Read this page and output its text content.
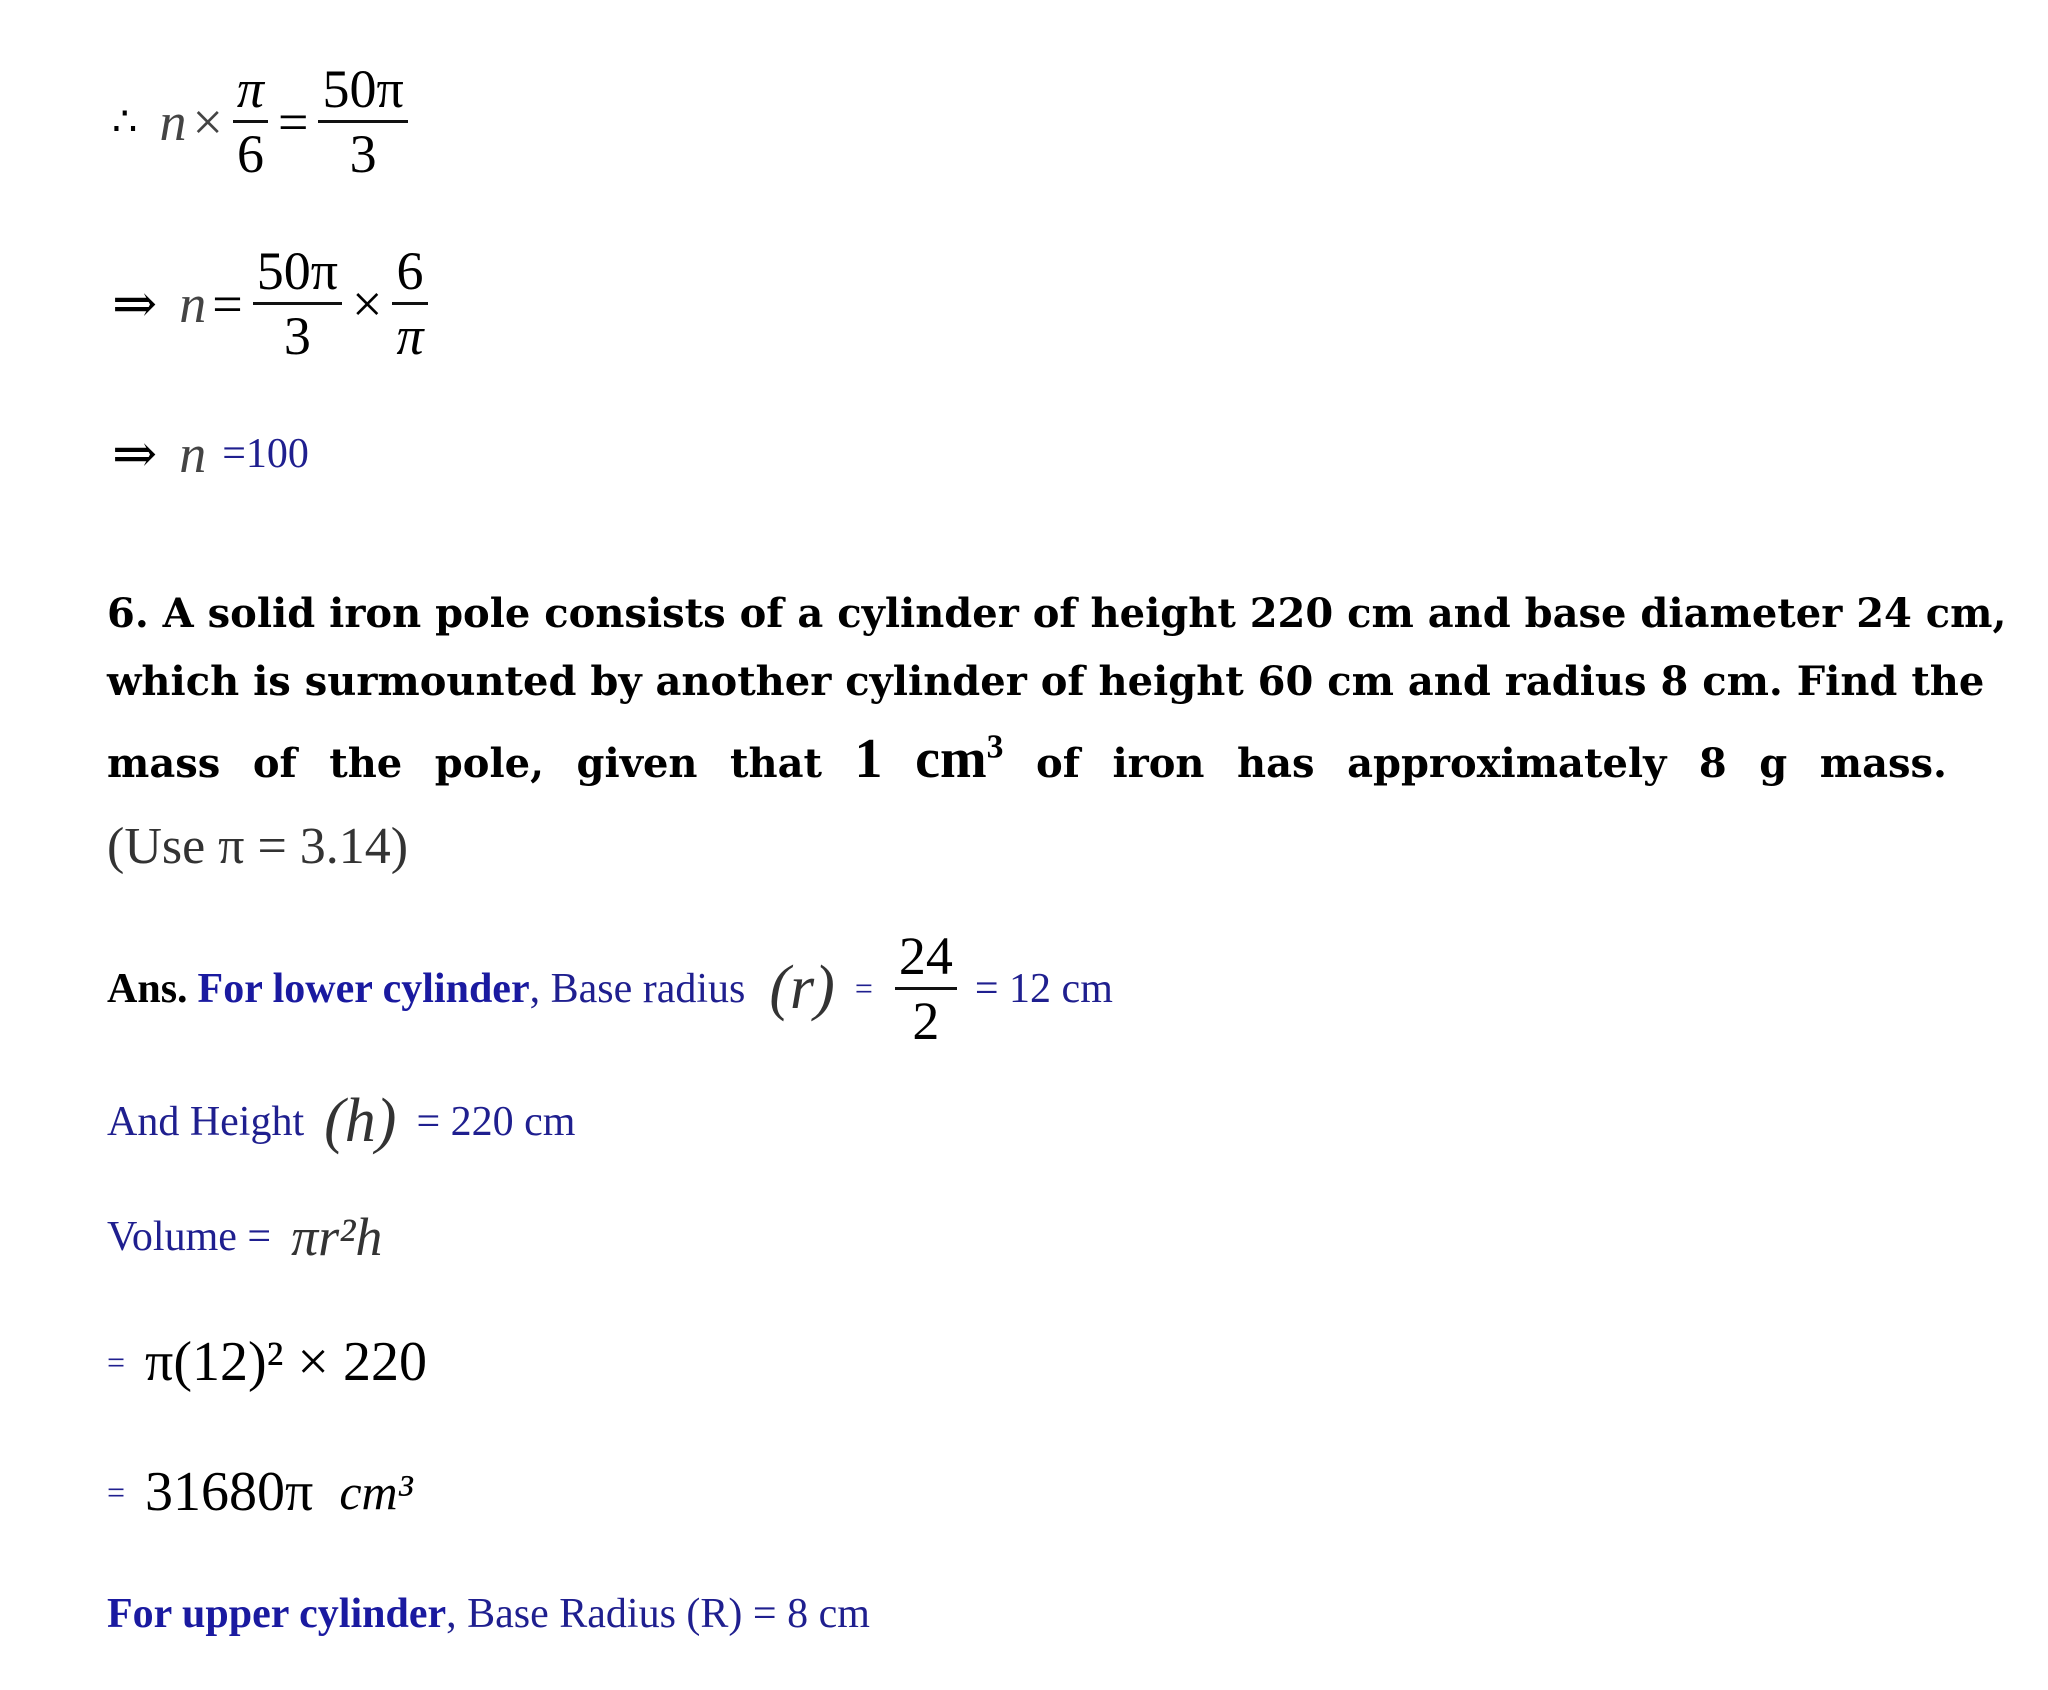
∴ $n \times \frac{\pi}{6} = \frac{50\pi}{3}$
⇒ $n = \frac{50\pi}{3} \times \frac{6}{\pi}$
⇒ n =100
6. A solid iron pole consists of a cylinder of height 220 cm and base diameter 24 cm,
which is surmounted by another cylinder of height 60 cm and radius 8 cm. Find the
mass of the pole, given that 1 $cm^3$ of iron has approximately 8 g mass.
(Use π = 3.14)
Ans. For lower cylinder , Base radius $(r) = \frac{24}{2} = 12$ cm
And Height (h) = 220 cm
Volume = πr²h
= π(12)² × 220
= 31680π cm³
For upper cylinder , Base Radius (R) = 8 cm
